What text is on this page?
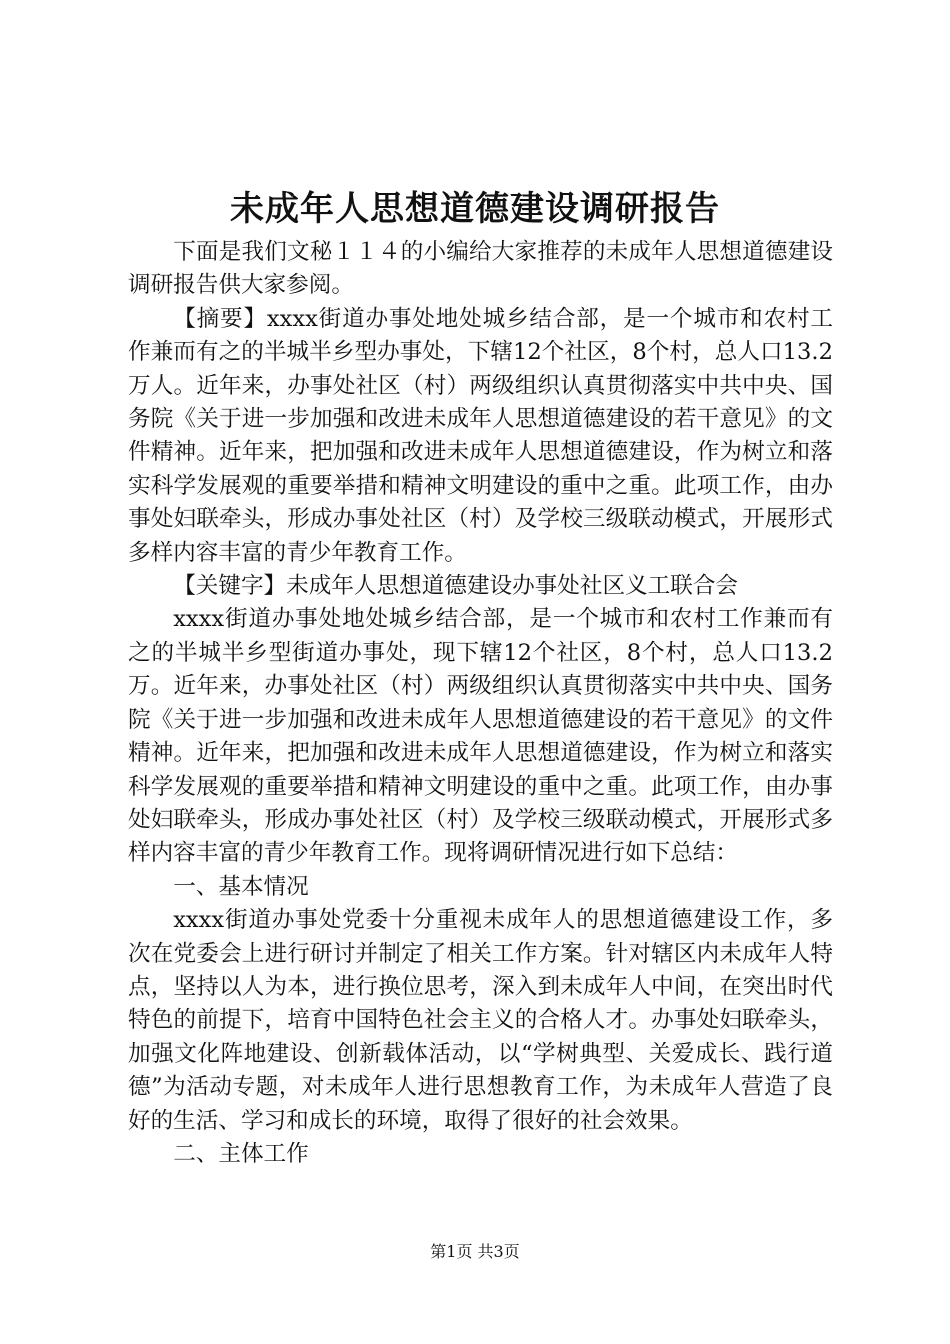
未成年人思想道德建设调研报告

下面是我们文秘１１４的小编给大家推荐的未成年人思想道德建设调研报告供大家参阅。

【摘要】xxxx街道办事处地处城乡结合部，是一个城市和农村工作兼而有之的半城半乡型办事处，下辖12个社区，8个村，总人口13.2万人。近年来，办事处社区（村）两级组织认真贯彻落实中共中央、国务院《关于进一步加强和改进未成年人思想道德建设的若干意见》的文件精神。近年来，把加强和改进未成年人思想道德建设，作为树立和落实科学发展观的重要举措和精神文明建设的重中之重。此项工作，由办事处妇联牵头，形成办事处社区（村）及学校三级联动模式，开展形式多样内容丰富的青少年教育工作。

【关键字】未成年人思想道德建设办事处社区义工联合会

xxxx街道办事处地处城乡结合部，是一个城市和农村工作兼而有之的半城半乡型街道办事处，现下辖12个社区，8个村，总人口13.2万。近年来，办事处社区（村）两级组织认真贯彻落实中共中央、国务院《关于进一步加强和改进未成年人思想道德建设的若干意见》的文件精神。近年来，把加强和改进未成年人思想道德建设，作为树立和落实科学发展观的重要举措和精神文明建设的重中之重。此项工作，由办事处妇联牵头，形成办事处社区（村）及学校三级联动模式，开展形式多样内容丰富的青少年教育工作。现将调研情况进行如下总结：

一、基本情况

xxxx街道办事处党委十分重视未成年人的思想道德建设工作，多次在党委会上进行研讨并制定了相关工作方案。针对辖区内未成年人特点，坚持以人为本，进行换位思考，深入到未成年人中间，在突出时代特色的前提下，培育中国特色社会主义的合格人才。办事处妇联牵头，加强文化阵地建设、创新载体活动，以“学树典型、关爱成长、践行道德”为活动专题，对未成年人进行思想教育工作，为未成年人营造了良好的生活、学习和成长的环境，取得了很好的社会效果。

二、主体工作

第1页 共3页
